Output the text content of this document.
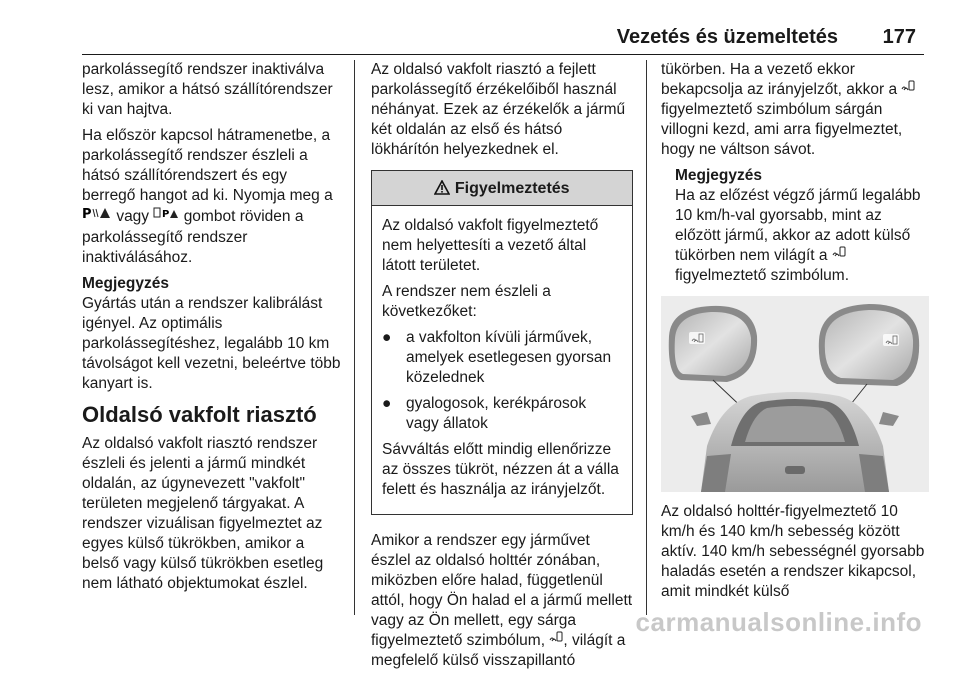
Vezetés és üzemeltetés 177

parkolássegítő rendszer inaktiválva lesz, amikor a hátsó szállítórendszer ki van hajtva.

Ha először kapcsol hátramenetbe, a parkolássegítő rendszer észleli a hátsó szállítórendszert és egy berregő hangot ad ki. Nyomja meg a
P vagy P gombot röviden a parkolássegítő rendszer inaktiválásához.

Megjegyzés

Gyártás után a rendszer kalibrálást igényel. Az optimális parkolássegítéshez, legalább 10 km távolságot kell vezetni, beleértve több kanyart is.

Oldalsó vakfolt riasztó

Az oldalsó vakfolt riasztó rendszer észleli és jelenti a jármű mindkét oldalán, az úgynevezett "vakfolt" területen megjelenő tárgyakat. A rendszer vizuálisan figyelmeztet az egyes külső tükrökben, amikor a belső vagy külső tükrökben esetleg nem látható objektumokat észlel.

Az oldalsó vakfolt riasztó a fejlett parkolássegítő érzékelőiből használ néhányat. Ezek az érzékelők a jármű két oldalán az első és hátsó lökhárítón helyezkednek el.

Figyelmeztetés

Az oldalsó vakfolt figyelmeztető nem helyettesíti a vezető által látott területet.

A rendszer nem észleli a következőket:

● a vakfolton kívüli járművek, amelyek esetlegesen gyorsan közelednek
● gyalogosok, kerékpárosok vagy állatok

Sávváltás előtt mindig ellenőrizze az összes tükröt, nézzen át a válla felett és használja az irányjelzőt.

Amikor a rendszer egy járművet észlel az oldalsó holttér zónában, miközben előre halad, függetlenül attól, hogy Ön halad el a jármű mellett vagy az Ön mellett, egy sárga figyelmeztető szimbólum, , világít a megfelelő külső visszapillantó

tükörben. Ha a vezető ekkor bekapcsolja az irányjelzőt, akkor a  figyelmeztető szimbólum sárgán villogni kezd, ami arra figyelmeztet, hogy ne váltson sávot.

Megjegyzés

Ha az előzést végző jármű legalább 10 km/h-val gyorsabb, mint az előzött jármű, akkor az adott külső tükörben nem világít a  figyelmeztető szimbólum.

Az oldalsó holttér-figyelmeztető 10 km/h és 140 km/h sebesség között aktív. 140 km/h sebességnél gyorsabb haladás esetén a rendszer kikapcsol, amit mindkét külső

carmanualsonline.info
